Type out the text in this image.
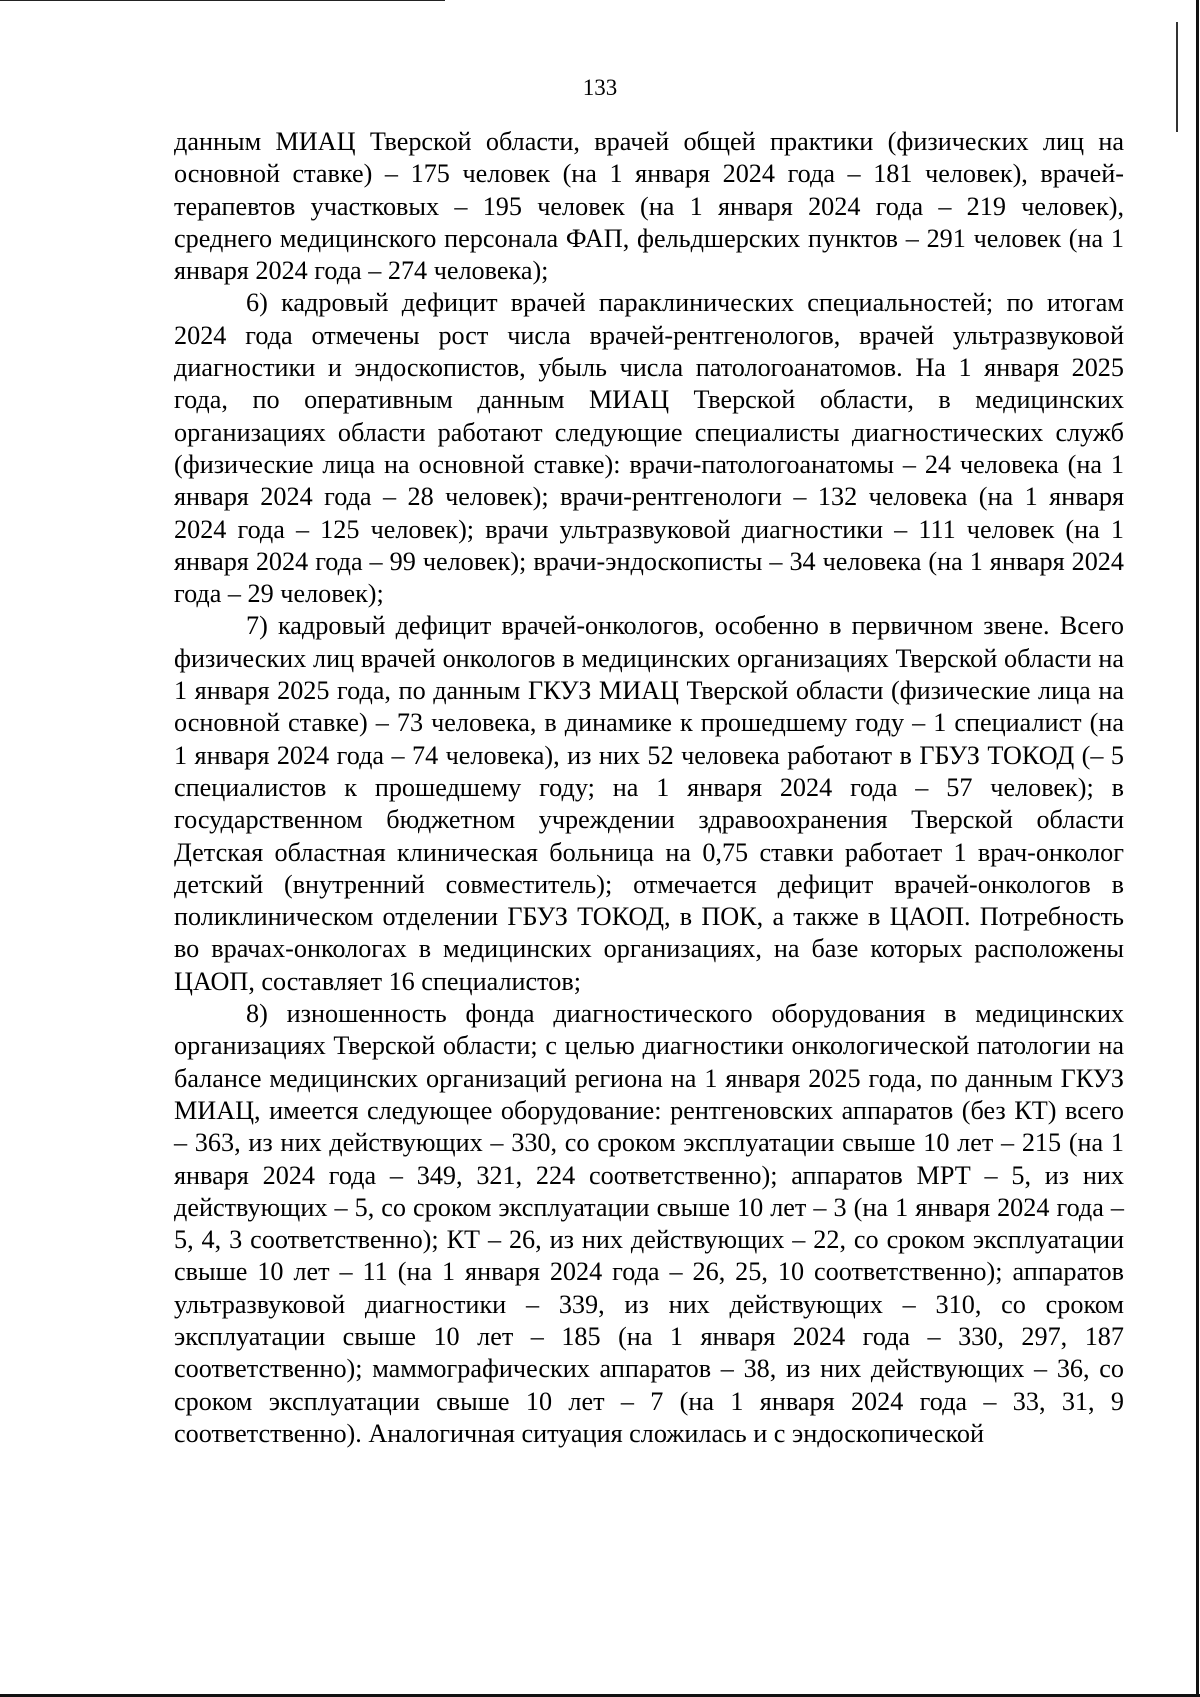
133

данным МИАЦ Тверской области, врачей общей практики (физических лиц на основной ставке) – 175 человек (на 1 января 2024 года – 181 человек), врачей-терапевтов участковых – 195 человек (на 1 января 2024 года – 219 человек), среднего медицинского персонала ФАП, фельдшерских пунктов – 291 человек (на 1 января 2024 года – 274 человека);

6) кадровый дефицит врачей параклинических специальностей; по итогам 2024 года отмечены рост числа врачей-рентгенологов, врачей ультразвуковой диагностики и эндоскопистов, убыль числа патологоанатомов. На 1 января 2025 года, по оперативным данным МИАЦ Тверской области, в медицинских организациях области работают следующие специалисты диагностических служб (физические лица на основной ставке): врачи-патологоанатомы – 24 человека (на 1 января 2024 года – 28 человек); врачи-рентгенологи – 132 человека (на 1 января 2024 года – 125 человек); врачи ультразвуковой диагностики – 111 человек (на 1 января 2024 года – 99 человек); врачи-эндоскописты – 34 человека (на 1 января 2024 года – 29 человек);

7) кадровый дефицит врачей-онкологов, особенно в первичном звене. Всего физических лиц врачей онкологов в медицинских организациях Тверской области на 1 января 2025 года, по данным ГКУЗ МИАЦ Тверской области (физические лица на основной ставке) – 73 человека, в динамике к прошедшему году – 1 специалист (на 1 января 2024 года – 74 человека), из них 52 человека работают в ГБУЗ ТОКОД (– 5 специалистов к прошедшему году; на 1 января 2024 года – 57 человек); в государственном бюджетном учреждении здравоохранения Тверской области Детская областная клиническая больница на 0,75 ставки работает 1 врач-онколог детский (внутренний совместитель); отмечается дефицит врачей-онкологов в поликлиническом отделении ГБУЗ ТОКОД, в ПОК, а также в ЦАОП. Потребность во врачах-онкологах в медицинских организациях, на базе которых расположены ЦАОП, составляет 16 специалистов;

8) изношенность фонда диагностического оборудования в медицинских организациях Тверской области; с целью диагностики онкологической патологии на балансе медицинских организаций региона на 1 января 2025 года, по данным ГКУЗ МИАЦ, имеется следующее оборудование: рентгеновских аппаратов (без КТ) всего – 363, из них действующих – 330, со сроком эксплуатации свыше 10 лет – 215 (на 1 января 2024 года – 349, 321, 224 соответственно); аппаратов МРТ – 5, из них действующих – 5, со сроком эксплуатации свыше 10 лет – 3 (на 1 января 2024 года – 5, 4, 3 соответственно); КТ – 26, из них действующих – 22, со сроком эксплуатации свыше 10 лет – 11 (на 1 января 2024 года – 26, 25, 10 соответственно); аппаратов ультразвуковой диагностики – 339, из них действующих – 310, со сроком эксплуатации свыше 10 лет – 185 (на 1 января 2024 года – 330, 297, 187 соответственно); маммографических аппаратов – 38, из них действующих – 36, со сроком эксплуатации свыше 10 лет – 7 (на 1 января 2024 года – 33, 31, 9 соответственно). Аналогичная ситуация сложилась и с эндоскопической
